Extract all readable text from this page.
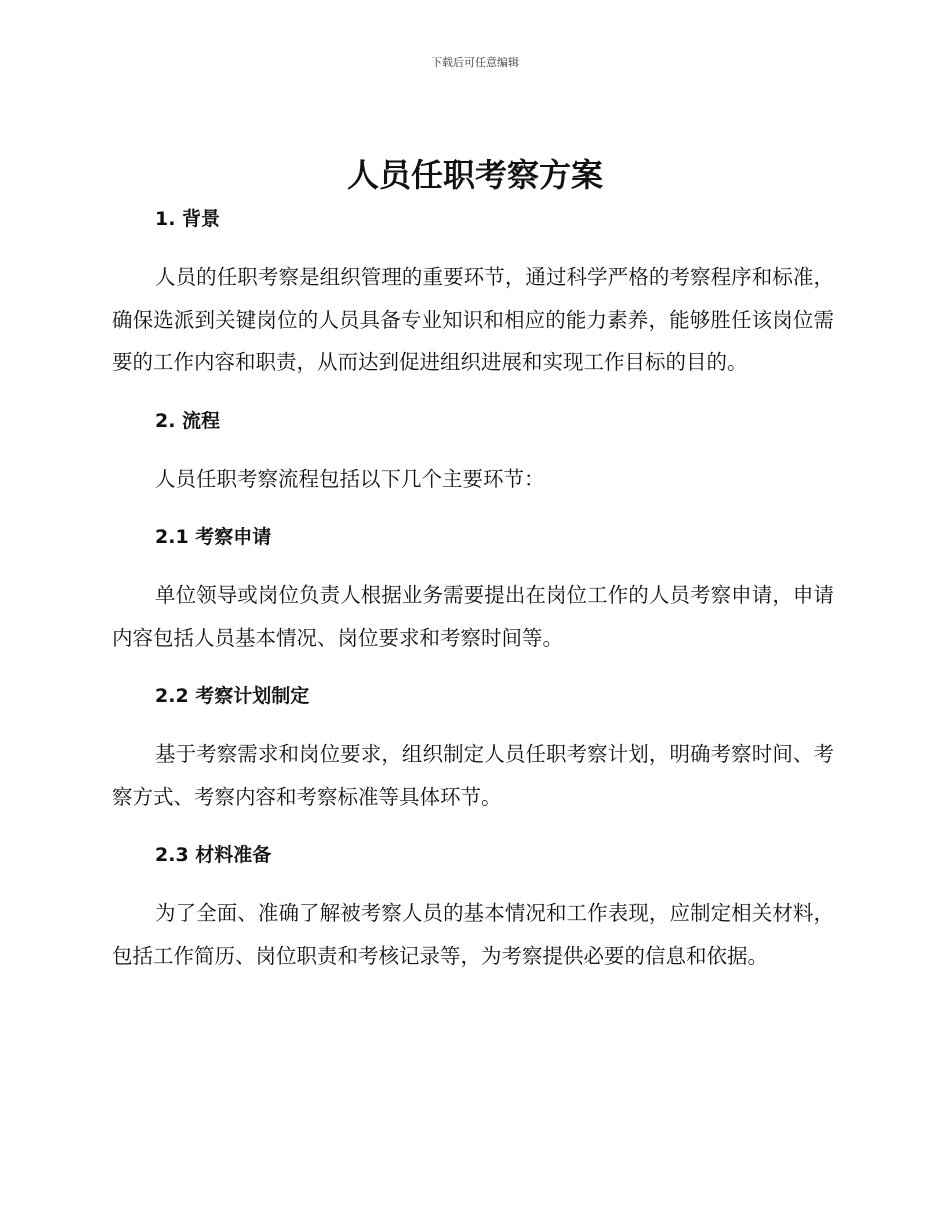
下载后可任意编辑
人员任职考察方案

1. 背景

人员的任职考察是组织管理的重要环节，通过科学严格的考察程序和标准，确保选派到关键岗位的人员具备专业知识和相应的能力素养，能够胜任该岗位需要的工作内容和职责，从而达到促进组织进展和实现工作目标的目的。

2. 流程

人员任职考察流程包括以下几个主要环节：

2.1 考察申请

单位领导或岗位负责人根据业务需要提出在岗位工作的人员考察申请，申请内容包括人员基本情况、岗位要求和考察时间等。

2.2 考察计划制定

基于考察需求和岗位要求，组织制定人员任职考察计划，明确考察时间、考察方式、考察内容和考察标准等具体环节。

2.3 材料准备

为了全面、准确了解被考察人员的基本情况和工作表现，应制定相关材料，包括工作简历、岗位职责和考核记录等，为考察提供必要的信息和依据。
